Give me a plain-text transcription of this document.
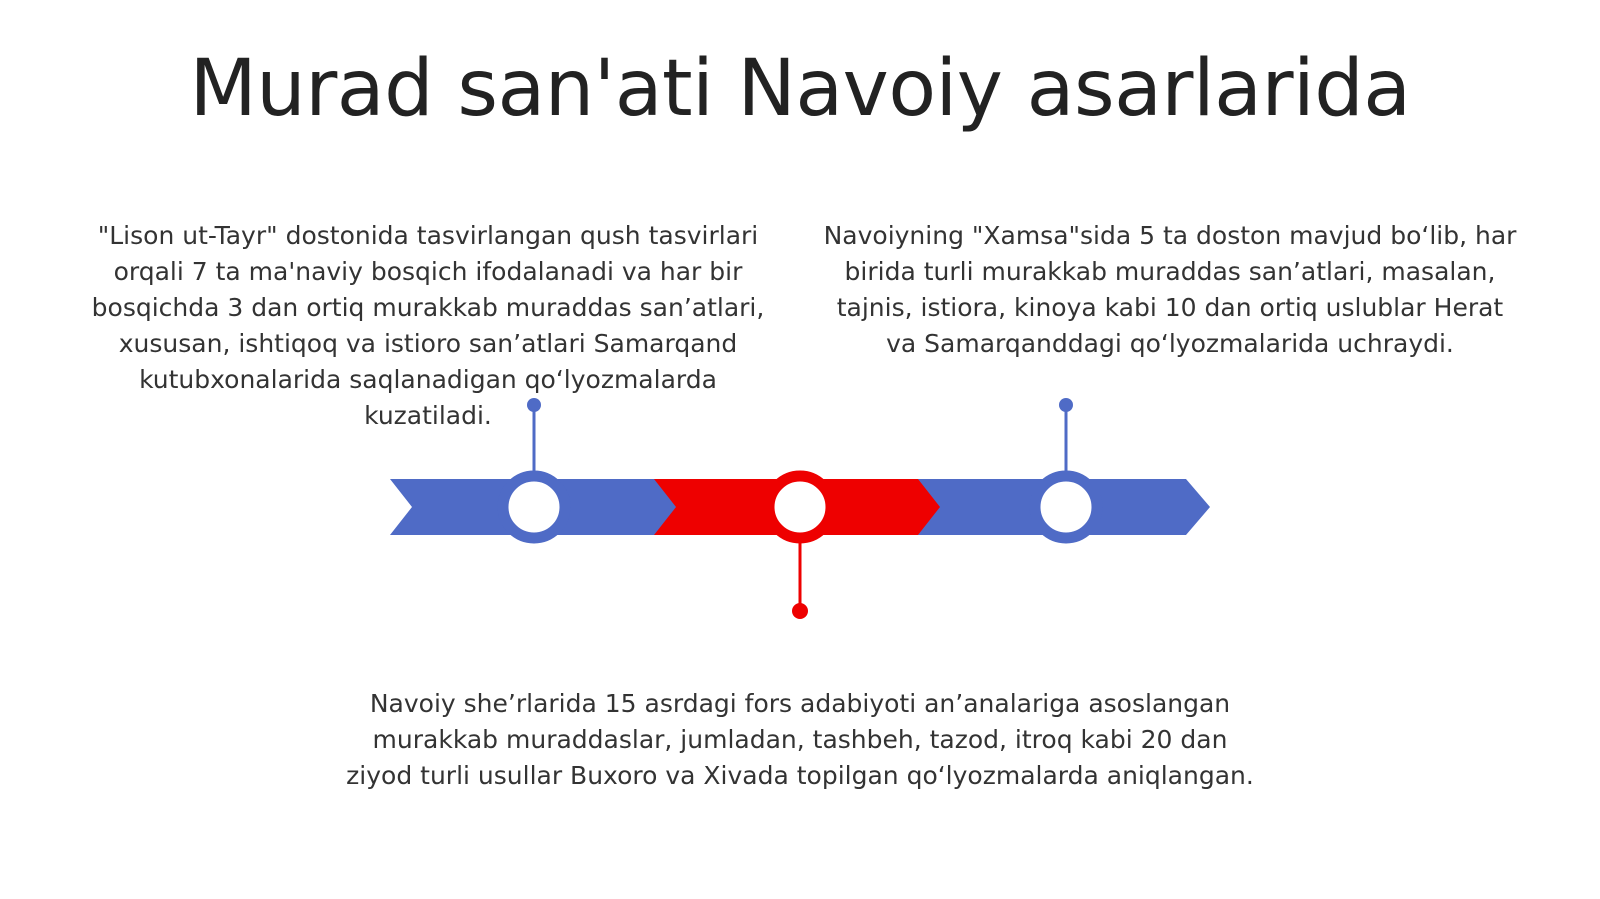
Murad san'ati Navoiy asarlarida

"Lison ut-Tayr" dostonida tasvirlangan qush tasvirlari orqali 7 ta ma'naviy bosqich ifodalanadi va har bir bosqichda 3 dan ortiq murakkab muraddas san’atlari, xususan, ishtiqoq va istioro san’atlari Samarqand kutubxonalarida saqlanadigan qo‘lyozmalarda kuzatiladi.

Navoiyning "Xamsa"sida 5 ta doston mavjud bo‘lib, har birida turli murakkab muraddas san’atlari, masalan, tajnis, istiora, kinoya kabi 10 dan ortiq uslublar Herat va Samarqanddagi qo‘lyozmalarida uchraydi.

Navoiy she’rlarida 15 asrdagi fors adabiyoti an’analariga asoslangan murakkab muraddaslar, jumladan, tashbeh, tazod, itroq kabi 20 dan ziyod turli usullar Buxoro va Xivada topilgan qo‘lyozmalarda aniqlangan.
